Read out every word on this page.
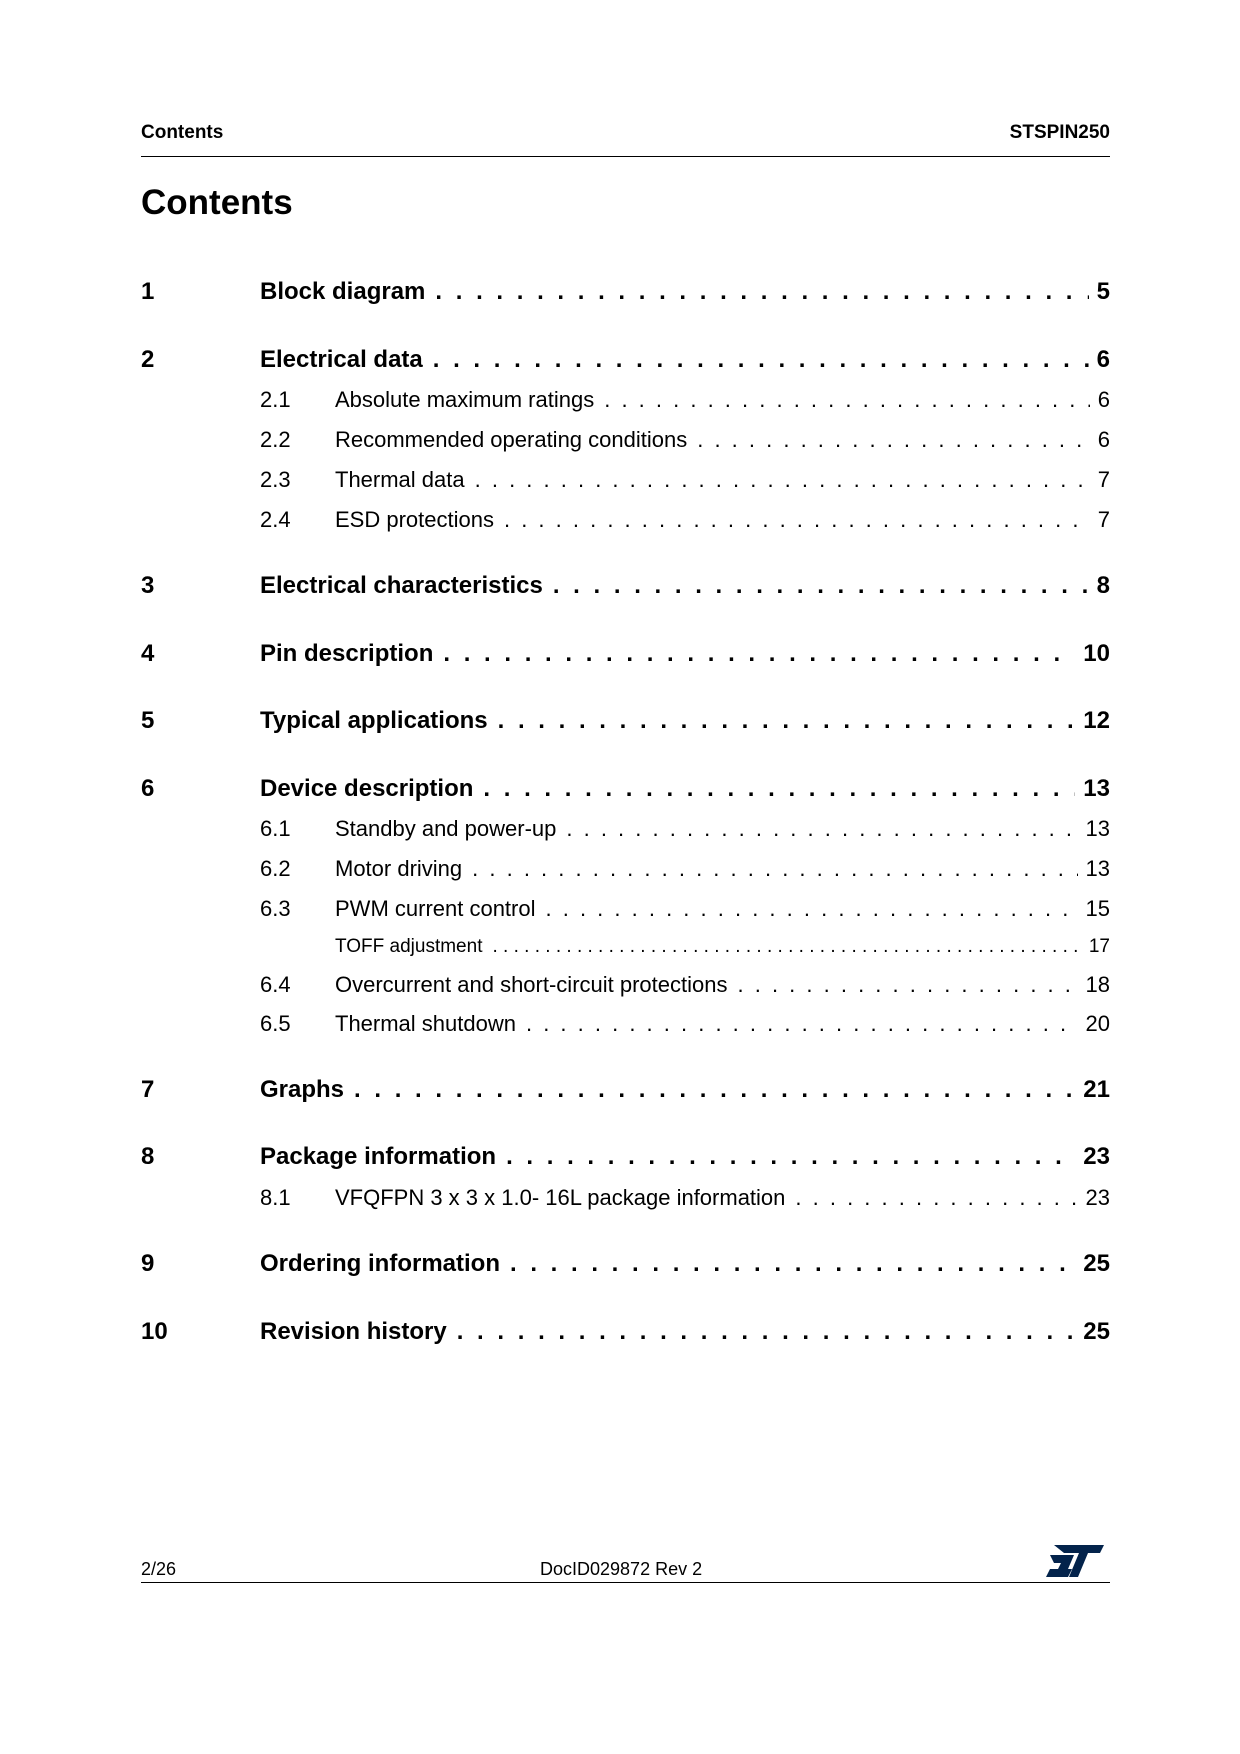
Contents	STSPIN250
Contents
1	Block diagram . . .	5
2	Electrical data . . .	6
2.1 Absolute maximum ratings . . .	6
2.2 Recommended operating conditions . . .	6
2.3 Thermal data . . .	7
2.4 ESD protections . . .	7
3	Electrical characteristics . . .	8
4	Pin description . . .	10
5	Typical applications . . .	12
6	Device description . . .	13
6.1 Standby and power-up . . .	13
6.2 Motor driving . . .	13
6.3 PWM current control . . .	15
TOFF adjustment . . .	17
6.4 Overcurrent and short-circuit protections . . .	18
6.5 Thermal shutdown . . .	20
7	Graphs . . .	21
8	Package information . . .	23
8.1 VFQFPN 3 x 3 x 1.0- 16L package information . . .	23
9	Ordering information . . .	25
10	Revision history . . .	25
2/26	DocID029872 Rev 2
